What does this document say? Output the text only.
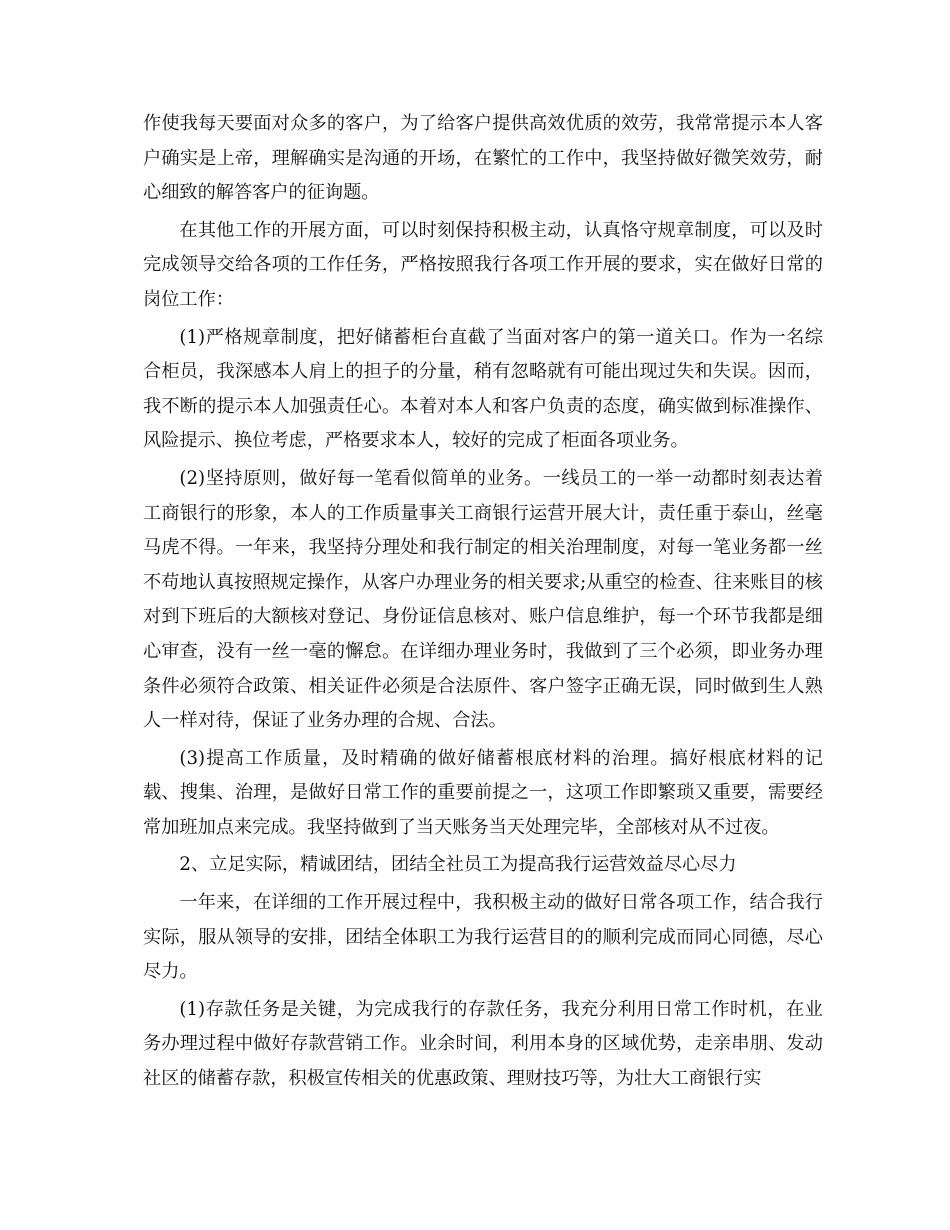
作使我每天要面对众多的客户，为了给客户提供高效优质的效劳，我常常提示本人客户确实是上帝，理解确实是沟通的开场，在繁忙的工作中，我坚持做好微笑效劳，耐心细致的解答客户的征询题。

在其他工作的开展方面，可以时刻保持积极主动，认真恪守规章制度，可以及时完成领导交给各项的工作任务，严格按照我行各项工作开展的要求，实在做好日常的岗位工作：

(1)严格规章制度，把好储蓄柜台直截了当面对客户的第一道关口。作为一名综合柜员，我深感本人肩上的担子的分量，稍有忽略就有可能出现过失和失误。因而，我不断的提示本人加强责任心。本着对本人和客户负责的态度，确实做到标准操作、风险提示、换位考虑，严格要求本人，较好的完成了柜面各项业务。

(2)坚持原则，做好每一笔看似简单的业务。一线员工的一举一动都时刻表达着工商银行的形象，本人的工作质量事关工商银行运营开展大计，责任重于泰山，丝毫马虎不得。一年来，我坚持分理处和我行制定的相关治理制度，对每一笔业务都一丝不苟地认真按照规定操作，从客户办理业务的相关要求;从重空的检查、往来账目的核对到下班后的大额核对登记、身份证信息核对、账户信息维护，每一个环节我都是细心审查，没有一丝一毫的懈怠。在详细办理业务时，我做到了三个必须，即业务办理条件必须符合政策、相关证件必须是合法原件、客户签字正确无误，同时做到生人熟人一样对待，保证了业务办理的合规、合法。

(3)提高工作质量，及时精确的做好储蓄根底材料的治理。搞好根底材料的记载、搜集、治理，是做好日常工作的重要前提之一，这项工作即繁琐又重要，需要经常加班加点来完成。我坚持做到了当天账务当天处理完毕，全部核对从不过夜。

2、立足实际，精诚团结，团结全社员工为提高我行运营效益尽心尽力

一年来，在详细的工作开展过程中，我积极主动的做好日常各项工作，结合我行实际，服从领导的安排，团结全体职工为我行运营目的的顺利完成而同心同德，尽心尽力。

(1)存款任务是关键，为完成我行的存款任务，我充分利用日常工作时机，在业务办理过程中做好存款营销工作。业余时间，利用本身的区域优势，走亲串朋、发动社区的储蓄存款，积极宣传相关的优惠政策、理财技巧等，为壮大工商银行实
